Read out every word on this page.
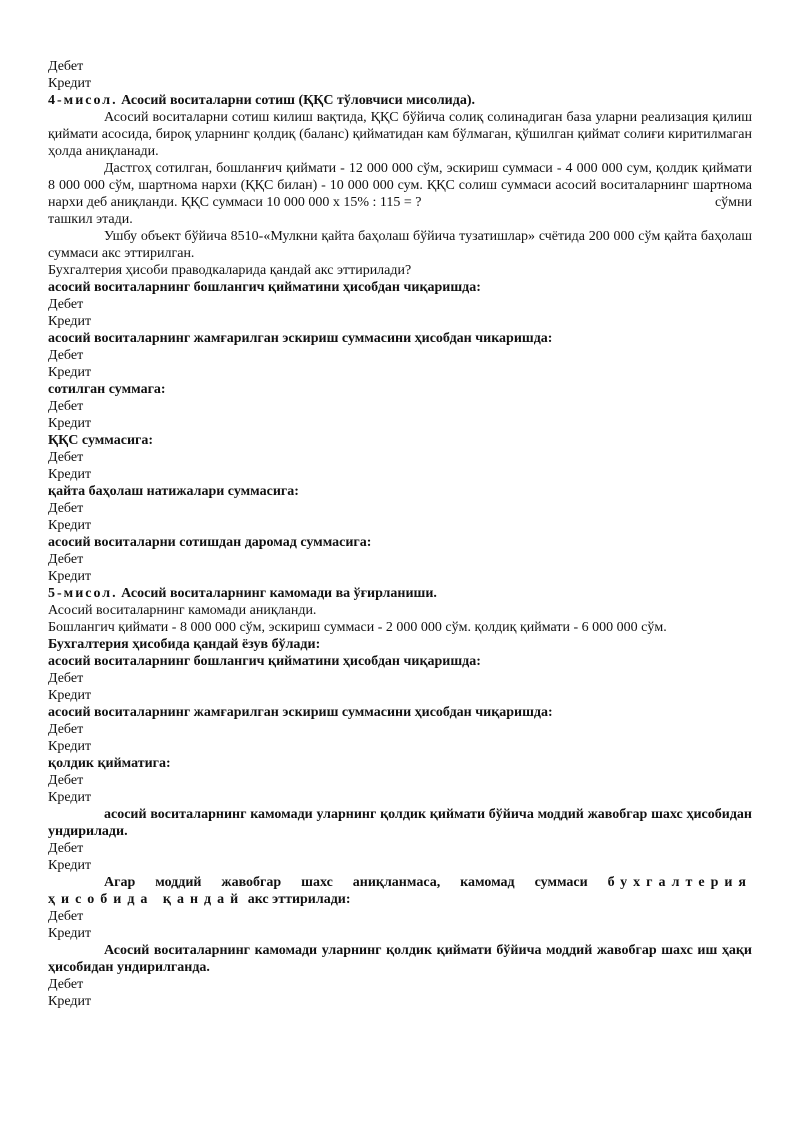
Дебет

Кредит

4-мисол. Асосий воситаларни сотиш (ҚҚС тўловчиси мисолида).

Асосий воситаларни сотиш килиш вақтида, ҚҚС бўйича солиқ солинадиган база уларни реализация қилиш қиймати асосида, бироқ уларнинг қолдиқ (баланс) қийматидан кам бўлмаган, қўшилган қиймат солиғи киритилмаган ҳолда аниқланади.

Дастгоҳ сотилган, бошланғич қиймати - 12 000 000 сўм, эскириш суммаси - 4 000 000 сум, қолдик қиймати 8 000 000 сўм, шартнома нархи (ҚҚС билан) - 10 000 000 сум. ҚҚС солиш суммаси асосий воситаларнинг шартнома нархи деб аниқланди. ҚҚС суммаси 10 000 000 х 15% : 115 = ?	сўмни

ташкил этади.

Ушбу объект бўйича 8510-«Мулкни қайта баҳолаш бўйича тузатишлар» счётида 200 000 сўм қайта баҳолаш суммаси акс эттирилган.

Бухгалтерия ҳисоби праводкаларида қандай акс эттирилади?

асосий воситаларнинг бошлангич қийматини ҳисобдан чиқаришда:

Дебет

Кредит

асосий воситаларнинг жамғарилган эскириш суммасини ҳисобдан чикаришда:

Дебет

Кредит

сотилган суммага:

Дебет

Кредит

ҚҚС суммасига:

Дебет

Кредит

қайта баҳолаш натижалари суммасига:

Дебет

Кредит

асосий воситаларни сотишдан даромад суммасига:

Дебет

Кредит

5-мисол. Асосий воситаларнинг камомади ва ўғирланиши.

Асосий воситаларнинг камомади аниқланди.

Бошлангич қиймати - 8 000 000 сўм, эскириш суммаси - 2 000 000 сўм. қолдиқ қиймати - 6 000 000 сўм.

Бухгалтерия ҳисобида қандай ёзув бўлади:

асосий воситаларнинг бошлангич қийматини ҳисобдан чиқаришда:

Дебет

Кредит

асосий воситаларнинг жамғарилган эскириш суммасини ҳисобдан чиқаришда:

Дебет

Кредит

қолдик қийматига:

Дебет

Кредит

асосий воситаларнинг камомади уларнинг қолдик қиймати бўйича моддий жавобгар шахс ҳисобидан ундирилади.

Дебет

Кредит

Агар моддий жавобгар шахс аниқланмаса, камомад суммаси бухгалтерия

ҳисобида қандай акс эттирилади:

Дебет

Кредит

Асосий воситаларнинг камомади уларнинг қолдик қиймати бўйича моддий жавобгар шахс иш ҳақи ҳисобидан ундирилганда.

Дебет

Кредит
